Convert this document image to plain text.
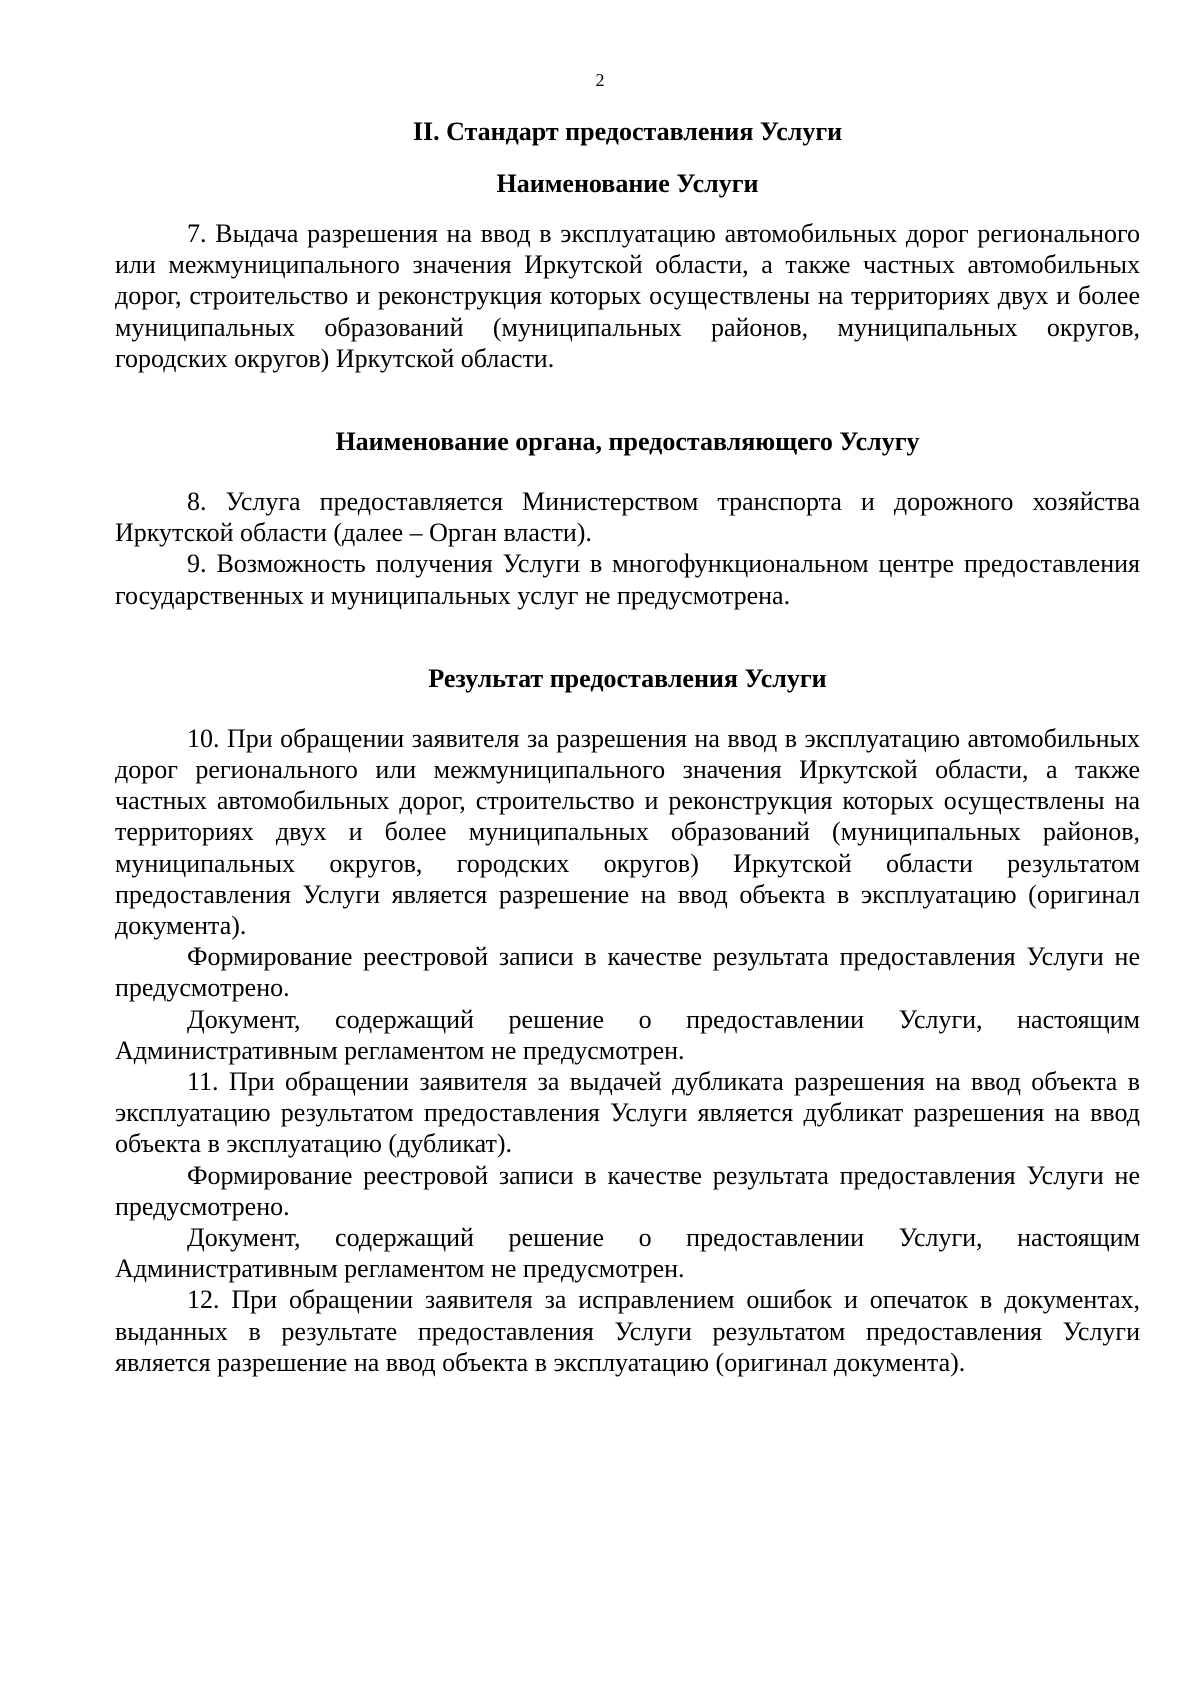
2
II. Стандарт предоставления Услуги
Наименование Услуги

7. Выдача разрешения на ввод в эксплуатацию автомобильных дорог регионального или межмуниципального значения Иркутской области, а также частных автомобильных дорог, строительство и реконструкция которых осуществлены на территориях двух и более муниципальных образований (муниципальных районов, муниципальных округов, городских округов) Иркутской области.

Наименование органа, предоставляющего Услугу

8. Услуга предоставляется Министерством транспорта и дорожного хозяйства Иркутской области (далее – Орган власти).

9. Возможность получения Услуги в многофункциональном центре предоставления государственных и муниципальных услуг не предусмотрена.

Результат предоставления Услуги

10. При обращении заявителя за разрешения на ввод в эксплуатацию автомобильных дорог регионального или межмуниципального значения Иркутской области, а также частных автомобильных дорог, строительство и реконструкция которых осуществлены на территориях двух и более муниципальных образований (муниципальных районов, муниципальных округов, городских округов) Иркутской области результатом предоставления Услуги является разрешение на ввод объекта в эксплуатацию (оригинал документа).

Формирование реестровой записи в качестве результата предоставления Услуги не предусмотрено.

Документ, содержащий решение о предоставлении Услуги, настоящим Административным регламентом не предусмотрен.

11. При обращении заявителя за выдачей дубликата разрешения на ввод объекта в эксплуатацию результатом предоставления Услуги является дубликат разрешения на ввод объекта в эксплуатацию (дубликат).

Формирование реестровой записи в качестве результата предоставления Услуги не предусмотрено.

Документ, содержащий решение о предоставлении Услуги, настоящим Административным регламентом не предусмотрен.

12. При обращении заявителя за исправлением ошибок и опечаток в документах, выданных в результате предоставления Услуги результатом предоставления Услуги является разрешение на ввод объекта в эксплуатацию (оригинал документа).
